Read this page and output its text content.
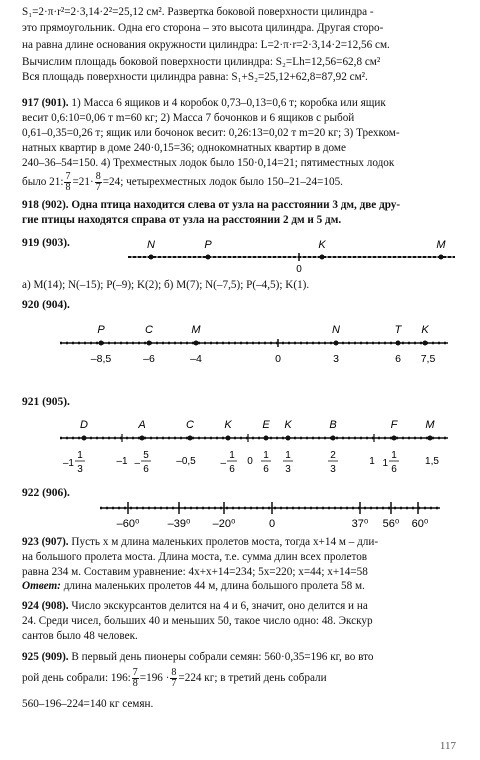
S₁=2·π·r²=2·3,14·2²=25,12 см². Развертка боковой поверхности цилиндра -
это прямоугольник. Одна его сторона – это высота цилиндра. Другая сторо-
на равна длине основания окружности цилиндра: L=2·π·r=2·3,14·2=12,56 см.
Вычислим площадь боковой поверхности цилиндра: S₂=Lh=12,56=62,8 см²
Вся площадь поверхности цилиндра равна: S₁+S₂=25,12+62,8=87,92 см².
917 (901). 1) Масса 6 ящиков и 4 коробок 0,73–0,13=0,6 т; коробка или ящик
весит 0,6:10=0,06 т m=60 кг; 2) Масса 7 бочонков и 6 ящиков с рыбой
0,61–0,35=0,26 т; ящик или бочонок весит: 0,26:13=0,02 т m=20 кг; 3) Трехком-
натных квартир в доме 240·0,15=36; однокомнатных квартир в доме
240–36–54=150. 4) Трехместных лодок было 150·0,14=21; пятиместных лодок
было 21: $\frac{7}{8} =21\cdot \frac{8}{7} =24$; четырехместных лодок было 150–21–24=105.
918 (902). Одна птица находится слева от узла на расстоянии 3 дм, две дру-
гие птицы находятся справа от узла на расстоянии 2 дм и 5 дм.
919 (903).	N	P	K	M
0
а) M(14); N(–15); P(–9); K(2); б) M(7); N(–7,5); P(–4,5); K(1).
920 (904).
P	C	M	N	T K
–8,5	–6	–4	0	3	6 7,5
921 (905).
D	A	C	K	E K	B	F	M
–1
1
3
–1 –
5
6
–0,5 –
1
6
0
1
6
1
3
2
3
1 1
1
6
1,5
922 (906).
–60⁰	–39⁰ –20⁰	0	37⁰ 56⁰ 60⁰
923 (907). Пусть х м длина маленьких пролетов моста, тогда х+14 м – дли-
на большого пролета моста. Длина моста, т.е. сумма длин всех пролетов
равна 234 м. Составим уравнение: 4х+х+14=234; 5х=220; х=44; х+14=58
Ответ: длина маленьких пролетов 44 м, длина большого пролета 58 м.
924 (908). Число экскурсантов делится на 4 и 6, значит, оно делится и на
24. Среди чисел, больших 40 и меньших 50, такое число одно: 48. Экскур
сантов было 48 человек.
925 (909). В первый день пионеры собрали семян: 560·0,35=196 кг, во вто
рой день собрали: 196: $\frac{7}{8} =196 \cdot \frac{8}{7} =224$ кг; в третий день собрали
560–196–224=140 кг семян.
117
